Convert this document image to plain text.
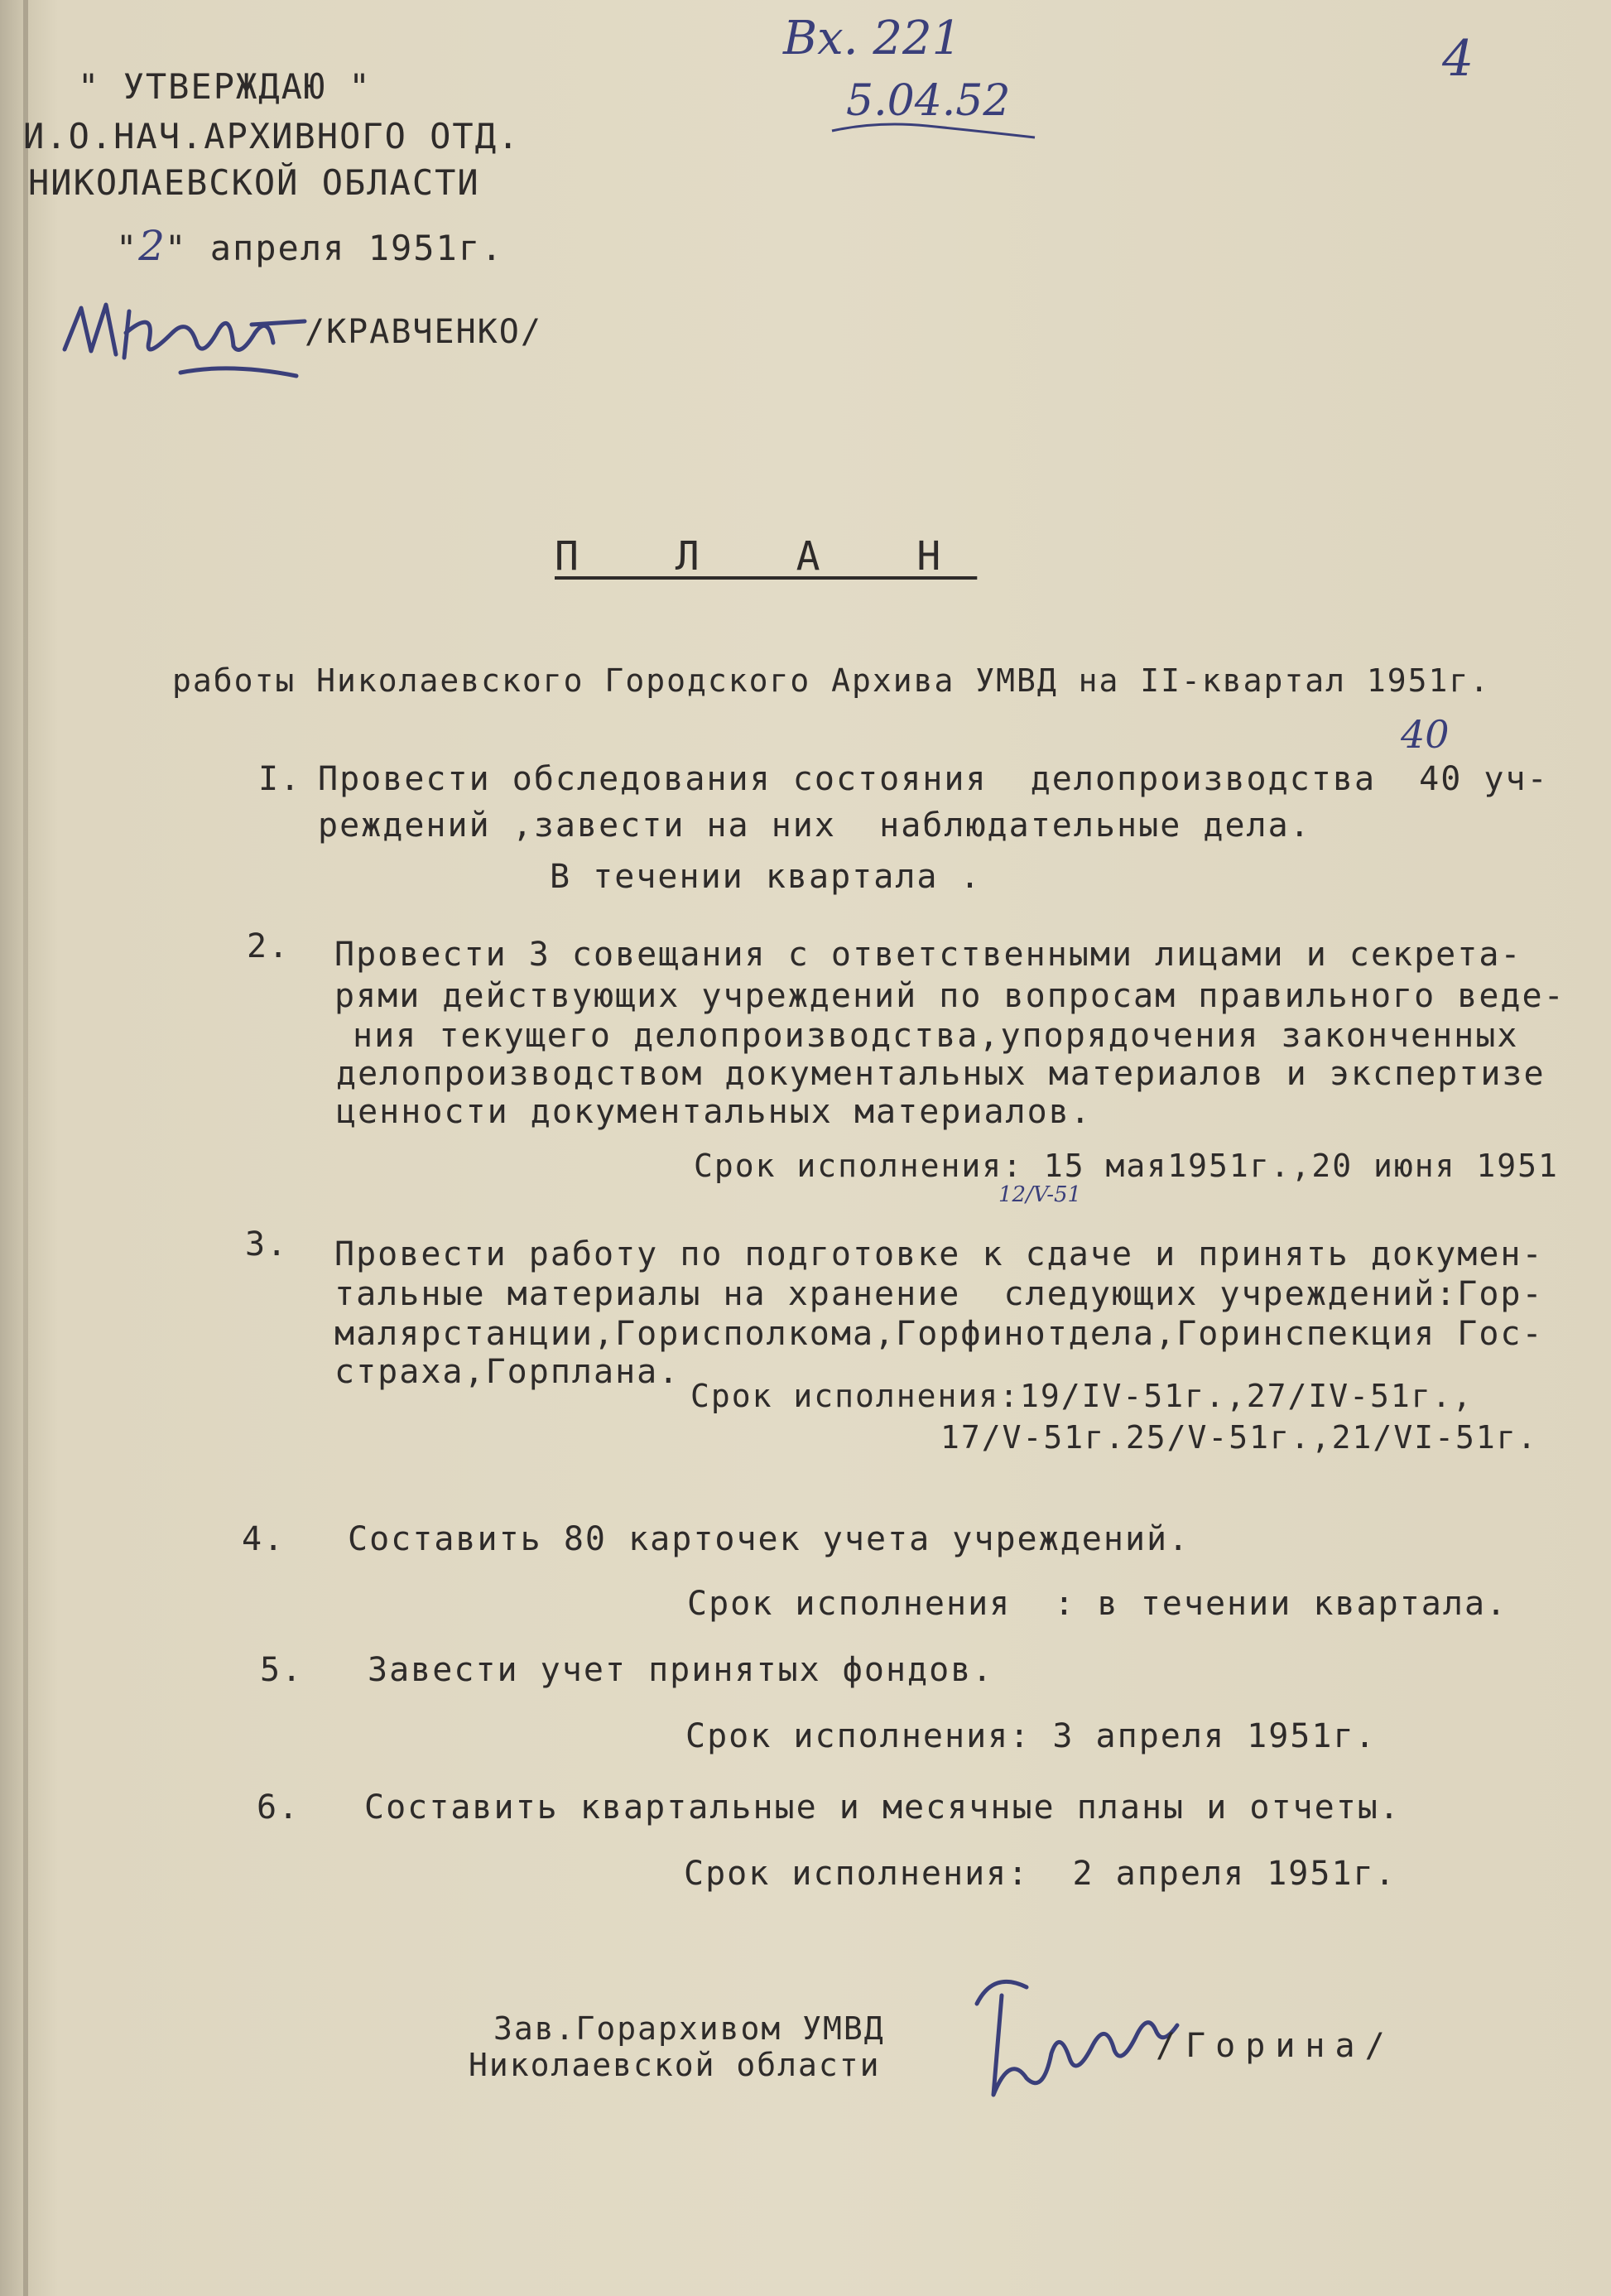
Вх. 221
5.04.52
4
" УТВЕРЖДАЮ "
И.О.НАЧ.АРХИВНОГО ОТД.
НИКОЛАЕВСКОЙ ОБЛАСТИ
"2" апреля 1951г.
/КРАВЧЕНКО/
П Л А Н
работы Николаевского Городского Архива УМВД на II-квартал 1951г.
I. Провести обследования состояния  делопроизводства  40 уч-
реждений ,завести на них  наблюдательные дела.
В течении квартала .
40
2. Провести 3 совещания с ответственными лицами и секрета-
рями действующих учреждений по вопросам правильного веде-
ния текущего делопроизводства,упорядочения законченных
делопроизводством документальных материалов и экспертизе
ценности документальных материалов.
Срок исполнения: 15 мая1951г.,20 июня 1951
12/V-51
3. Провести работу по подготовке к сдаче и принять докумен-
тальные материалы на хранение  следующих учреждений:Гор-
малярстанции,Горисполкома,Горфинотдела,Горинспекция Гос-
страха,Горплана.
Срок исполнения:19/IV-51г.,27/IV-51г.,
17/V-51г.25/V-51г.,21/VI-51г.
4. Составить 80 карточек учета учреждений.
Срок исполнения  : в течении квартала.
5. Завести учет принятых фондов.
Срок исполнения: 3 апреля 1951г.
6. Составить квартальные и месячные планы и отчеты.
Срок исполнения:  2 апреля 1951г.
Зав.Горархивом УМВД
Николаевской области	/Горина/
